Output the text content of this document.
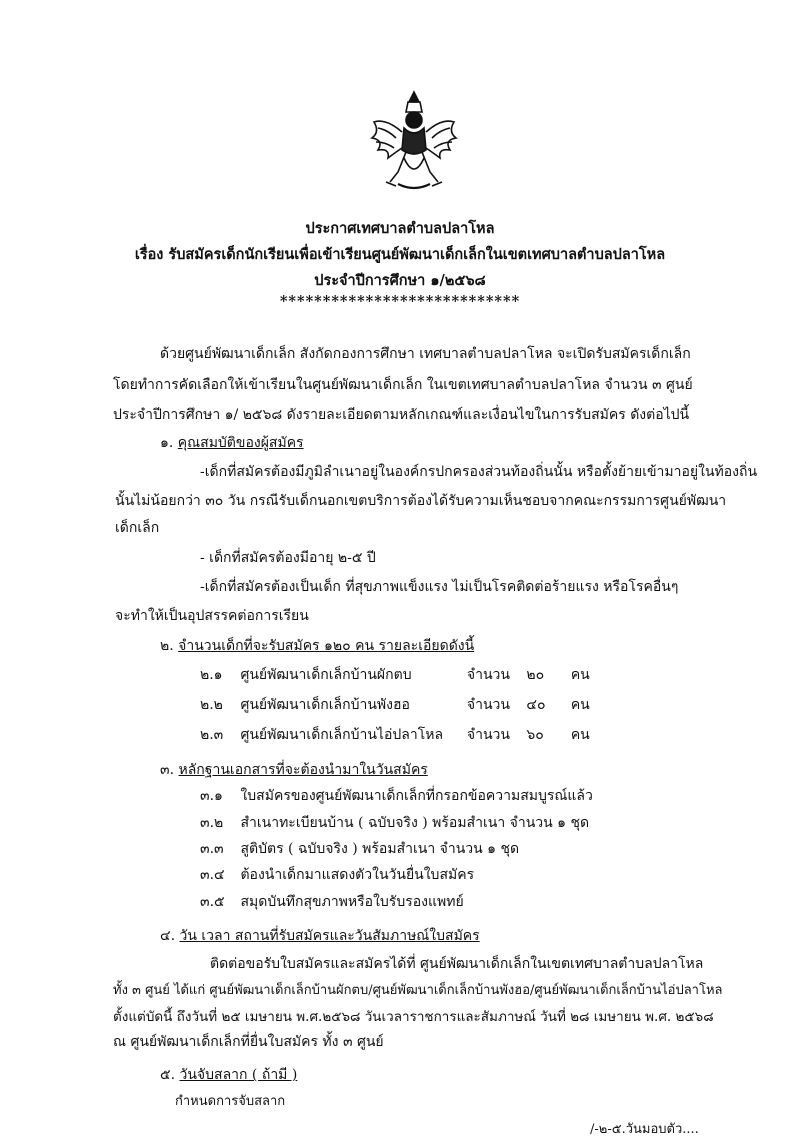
ประกาศเทศบาลตำบลปลาโหล
เรื่อง รับสมัครเด็กนักเรียนเพื่อเข้าเรียนศูนย์พัฒนาเด็กเล็กในเขตเทศบาลตำบลปลาโหล
ประจำปีการศึกษา ๑/๒๕๖๘
****************************
ด้วยศูนย์พัฒนาเด็กเล็ก สังกัดกองการศึกษา เทศบาลตำบลปลาโหล จะเปิดรับสมัครเด็กเล็ก
โดยทำการคัดเลือกให้เข้าเรียนในศูนย์พัฒนาเด็กเล็ก ในเขตเทศบาลตำบลปลาโหล จำนวน ๓ ศูนย์
ประจำปีการศึกษา ๑/ ๒๕๖๘ ดังรายละเอียดตามหลักเกณฑ์และเงื่อนไขในการรับสมัคร ดังต่อไปนี้
๑. คุณสมบัติของผู้สมัคร
-เด็กที่สมัครต้องมีภูมิลำเนาอยู่ในองค์กรปกครองส่วนท้องถิ่นนั้น หรือตั้งย้ายเข้ามาอยู่ในท้องถิ่น
นั้นไม่น้อยกว่า ๓๐ วัน กรณีรับเด็กนอกเขตบริการต้องได้รับความเห็นชอบจากคณะกรรมการศูนย์พัฒนา
เด็กเล็ก
- เด็กที่สมัครต้องมีอายุ ๒-๕ ปี
-เด็กที่สมัครต้องเป็นเด็ก ที่สุขภาพแข็งแรง ไม่เป็นโรคติดต่อร้ายแรง หรือโรคอื่นๆ
จะทำให้เป็นอุปสรรคต่อการเรียน
๒. จำนวนเด็กที่จะรับสมัคร ๑๒๐ คน รายละเอียดดังนี้
๒.๑ ศูนย์พัฒนาเด็กเล็กบ้านผักตบ	จำนวน ๒๐ คน
๒.๒ ศูนย์พัฒนาเด็กเล็กบ้านพังฮอ	จำนวน ๔๐ คน
๒.๓ ศูนย์พัฒนาเด็กเล็กบ้านไอ่ปลาโหล จำนวน ๖๐ คน
๓. หลักฐานเอกสารที่จะต้องนำมาในวันสมัคร
๓.๑ ใบสมัครของศูนย์พัฒนาเด็กเล็กที่กรอกข้อความสมบูรณ์แล้ว
๓.๒ สำเนาทะเบียนบ้าน ( ฉบับจริง ) พร้อมสำเนา จำนวน ๑ ชุด
๓.๓ สูติบัตร ( ฉบับจริง ) พร้อมสำเนา จำนวน ๑ ชุด
๓.๔ ต้องนำเด็กมาแสดงตัวในวันยื่นใบสมัคร
๓.๕ สมุดบันทึกสุขภาพหรือใบรับรองแพทย์
๔. วัน เวลา สถานที่รับสมัครและวันสัมภาษณ์ใบสมัคร
ติดต่อขอรับใบสมัครและสมัครได้ที่ ศูนย์พัฒนาเด็กเล็กในเขตเทศบาลตำบลปลาโหล
ทั้ง ๓ ศูนย์ ได้แก่ ศูนย์พัฒนาเด็กเล็กบ้านผักตบ/ศูนย์พัฒนาเด็กเล็กบ้านพังฮอ/ศูนย์พัฒนาเด็กเล็กบ้านไอ่ปลาโหล
ตั้งแต่บัดนี้ ถึงวันที่ ๒๕ เมษายน พ.ศ.๒๕๖๘ วันเวลาราชการและสัมภาษณ์ วันที่ ๒๘ เมษายน พ.ศ. ๒๕๖๘
ณ ศูนย์พัฒนาเด็กเล็กที่ยื่นใบสมัคร ทั้ง ๓ ศูนย์
๕. วันจับสลาก ( ถ้ามี )
กำหนดการจับสลาก
/-๒-๕.วันมอบตัว....
